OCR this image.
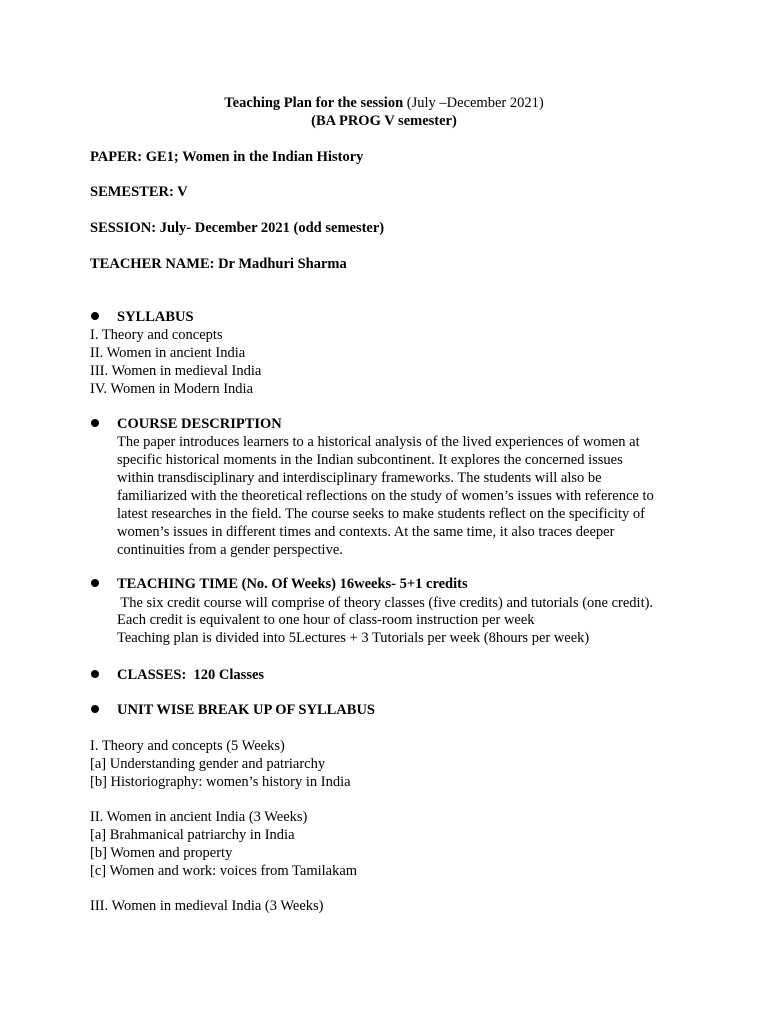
Teaching Plan for the session (July –December 2021)
(BA PROG V semester)
PAPER: GE1; Women in the Indian History
SEMESTER: V
SESSION: July- December 2021 (odd semester)
TEACHER NAME: Dr Madhuri Sharma
SYLLABUS
I. Theory and concepts
II. Women in ancient India
III. Women in medieval India
IV. Women in Modern India
COURSE DESCRIPTION
The paper introduces learners to a historical analysis of the lived experiences of women at
specific historical moments in the Indian subcontinent. It explores the concerned issues
within transdisciplinary and interdisciplinary frameworks. The students will also be
familiarized with the theoretical reflections on the study of women’s issues with reference to
latest researches in the field. The course seeks to make students reflect on the specificity of
women’s issues in different times and contexts. At the same time, it also traces deeper
continuities from a gender perspective.
TEACHING TIME (No. Of Weeks) 16weeks- 5+1 credits
The six credit course will comprise of theory classes (five credits) and tutorials (one credit).
Each credit is equivalent to one hour of class-room instruction per week
Teaching plan is divided into 5Lectures + 3 Tutorials per week (8hours per week)
CLASSES:  120 Classes
UNIT WISE BREAK UP OF SYLLABUS
I. Theory and concepts (5 Weeks)
[a] Understanding gender and patriarchy
[b] Historiography: women’s history in India
II. Women in ancient India (3 Weeks)
[a] Brahmanical patriarchy in India
[b] Women and property
[c] Women and work: voices from Tamilakam
III. Women in medieval India (3 Weeks)
